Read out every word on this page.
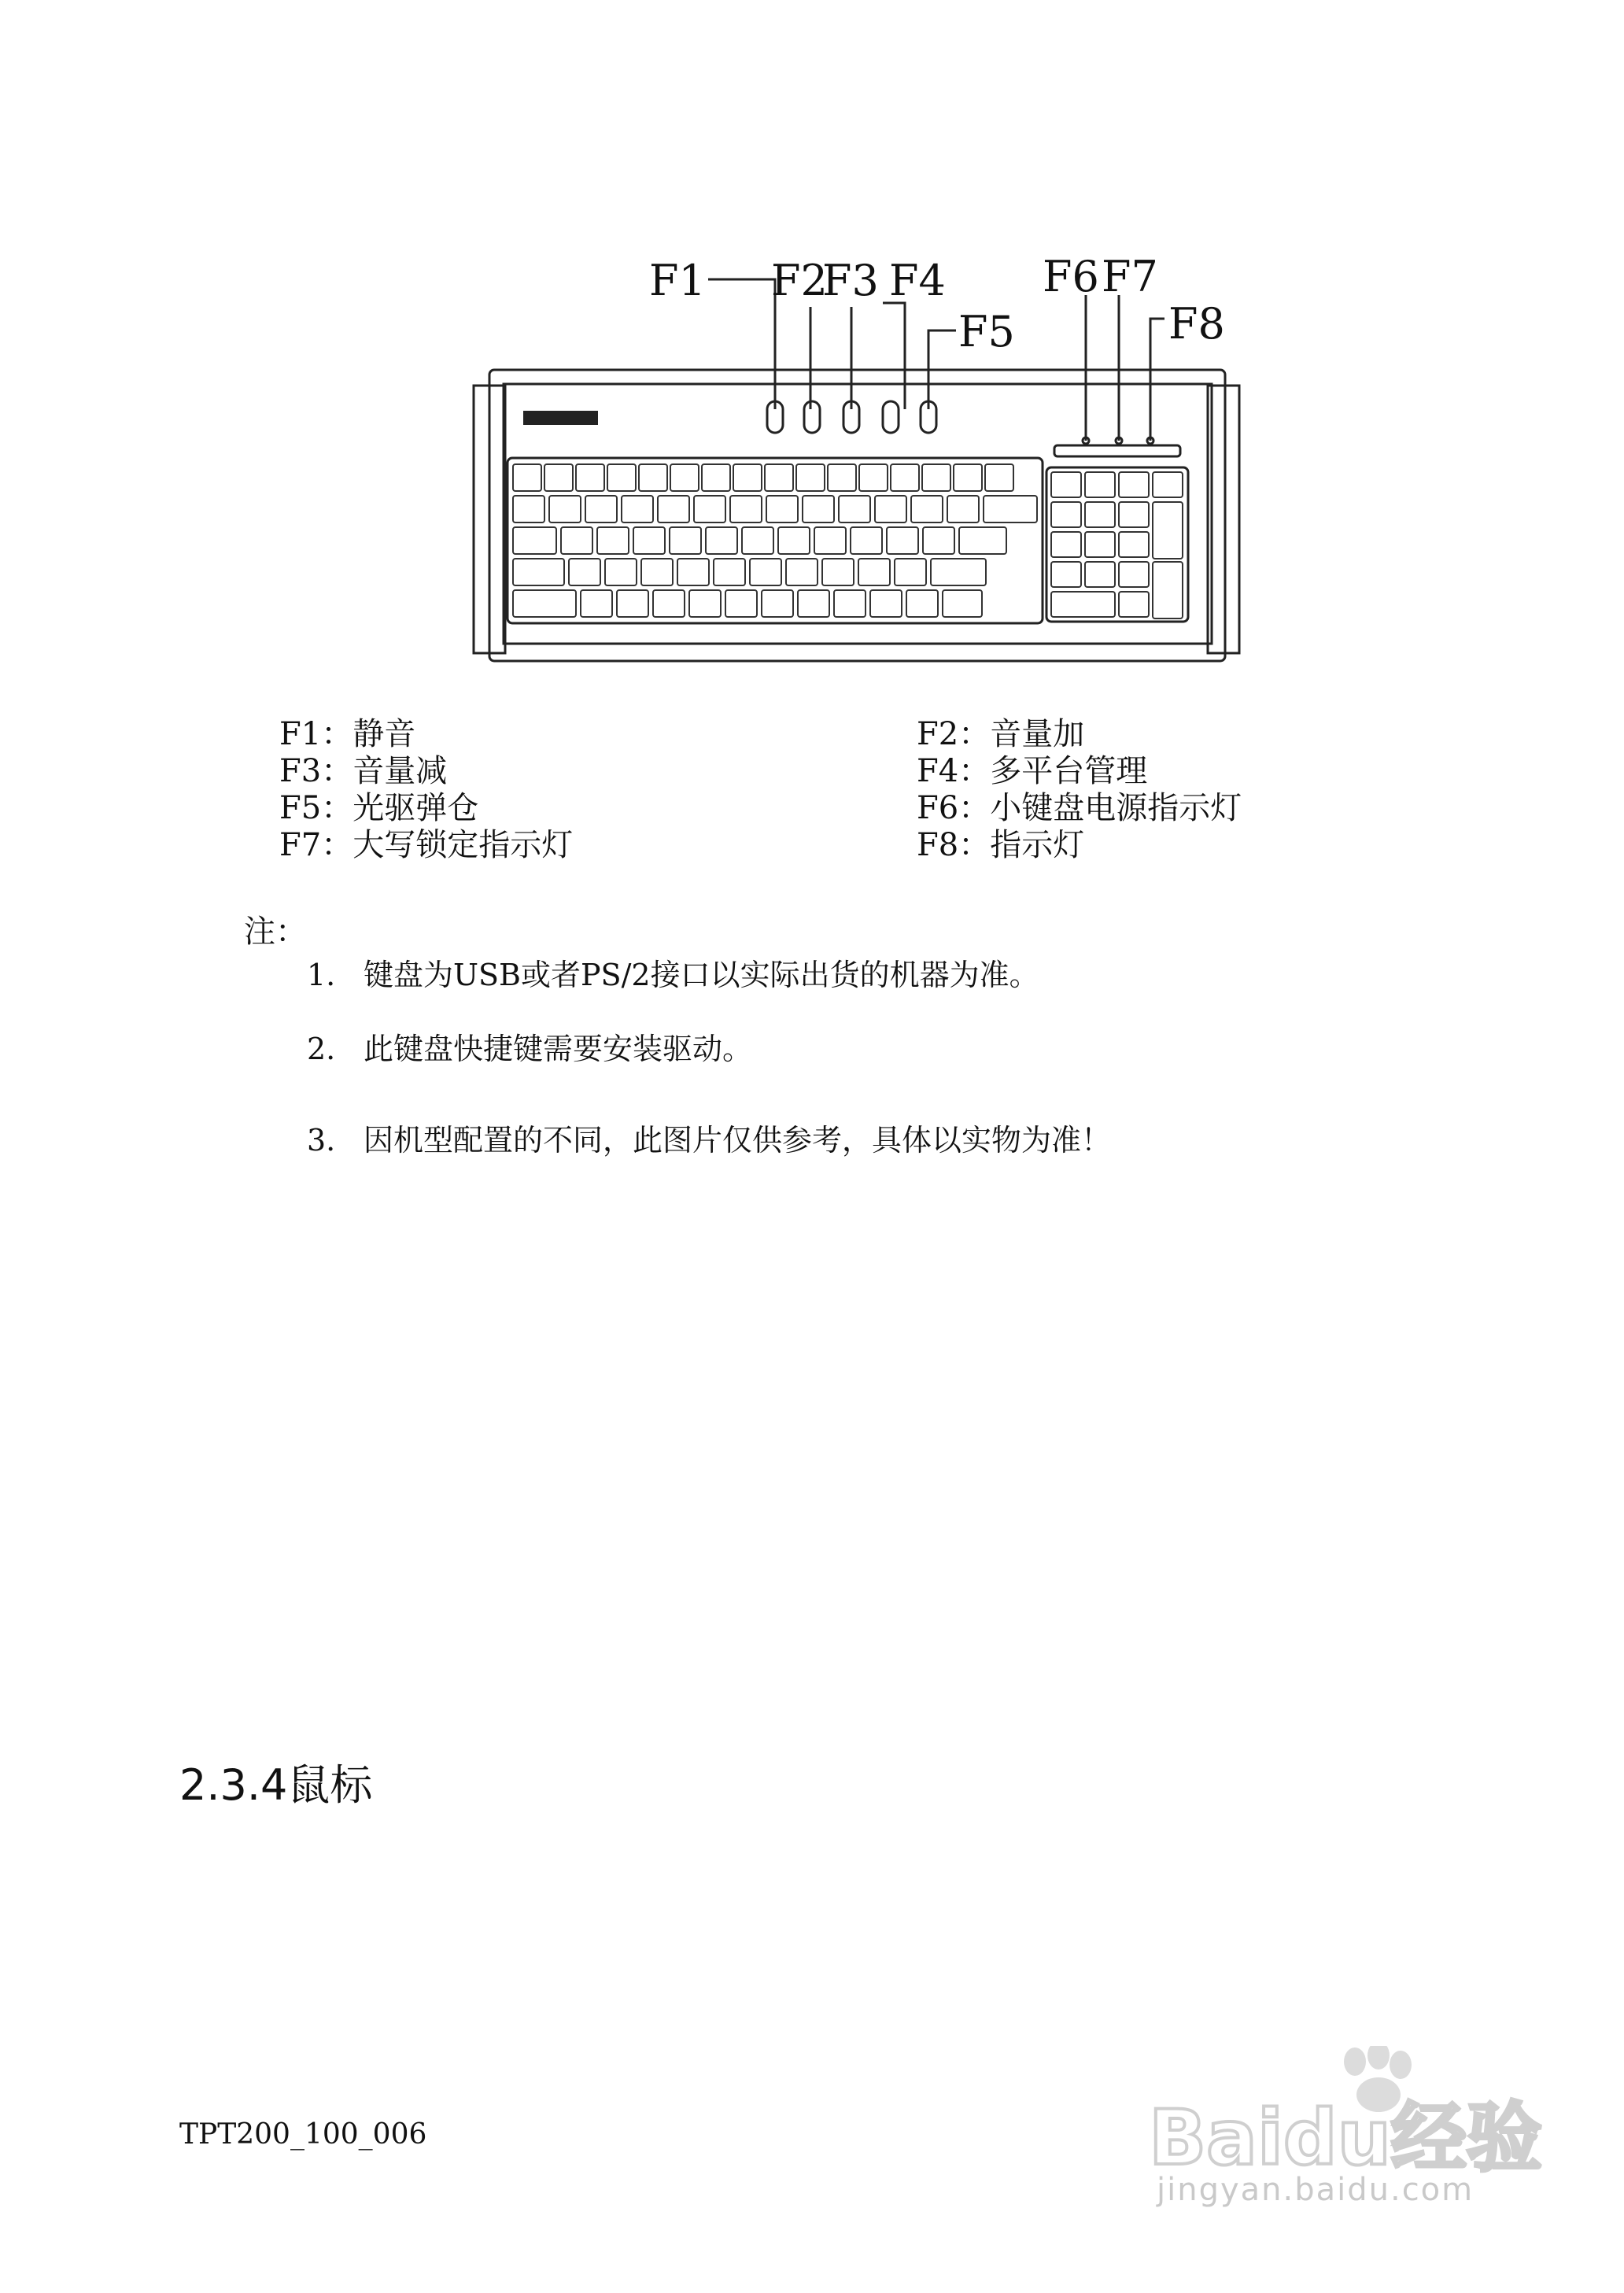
F1 F2
F3 F4
F5
F6 F7
F8
F1：静音	F2：音量加
F3：音量减	F4：多平台管理
F5：光驱弹仓	F6：小键盘电源指示灯
F7：大写锁定指示灯	F8：指示灯
注：
1. 键盘为USB或者PS/2接口以实际出货的机器为准。
2. 此键盘快捷键需要安装驱动。
3. 因机型配置的不同，此图片仅供参考，具体以实物为准！
2.3.4鼠标
TPT200_100_006	Baidu经验
jingyan.baidu.com
